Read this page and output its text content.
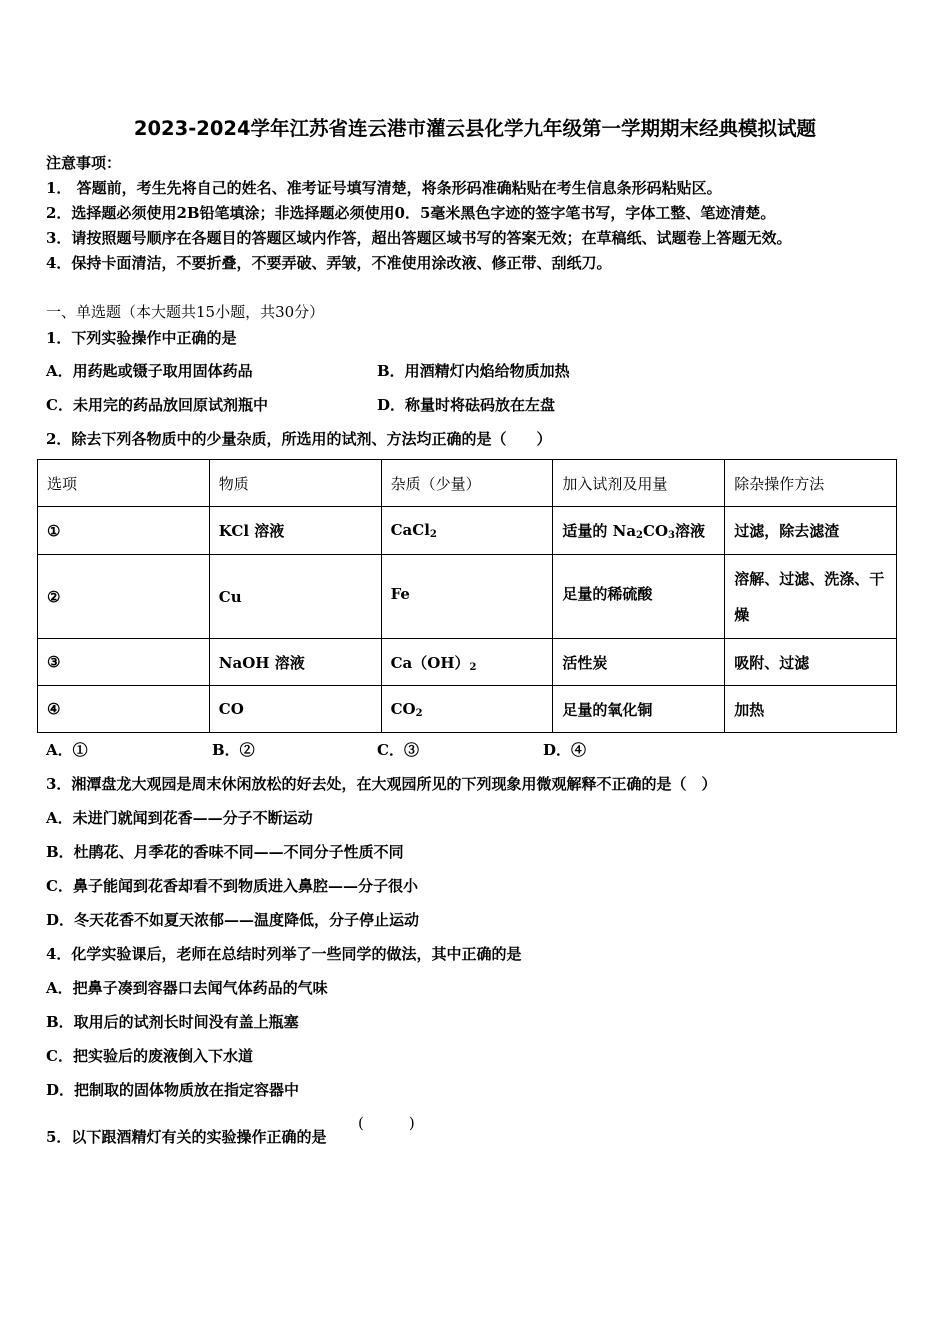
2023-2024学年江苏省连云港市灌云县化学九年级第一学期期末经典模拟试题
注意事项：
1． 答题前，考生先将自己的姓名、准考证号填写清楚，将条形码准确粘贴在考生信息条形码粘贴区。
2．选择题必须使用2B铅笔填涂；非选择题必须使用0．5毫米黑色字迹的签字笔书写，字体工整、笔迹清楚。
3．请按照题号顺序在各题目的答题区域内作答，超出答题区域书写的答案无效；在草稿纸、试题卷上答题无效。
4．保持卡面清洁，不要折叠，不要弄破、弄皱，不准使用涂改液、修正带、刮纸刀。
一、单选题（本大题共15小题，共30分）
1．下列实验操作中正确的是
A．用药匙或镊子取用固体药品	B．用酒精灯内焰给物质加热
C．未用完的药品放回原试剂瓶中	D．称量时将砝码放在左盘
2．除去下列各物质中的少量杂质，所选用的试剂、方法均正确的是（　　）
选项	物质	杂质（少量）	加入试剂及用量	除杂操作方法
①	KCl 溶液	CaCl$_2$	适量的 $Na_2CO_3$溶液	过滤，除去滤渣
②	Cu	Fe	足量的稀硫酸	溶解、过滤、洗涤、干燥
③	NaOH 溶液	$Ca(OH)_2$	活性炭	吸附、过滤
④	CO	$CO_2$	足量的氧化铜	加热
A．①	B．②	C．③	D．④
3．湘潭盘龙大观园是周末休闲放松的好去处，在大观园所见的下列现象用微观解释不正确的是（　）
A．未进门就闻到花香——分子不断运动
B．杜鹃花、月季花的香味不同——不同分子性质不同
C．鼻子能闻到花香却看不到物质进入鼻腔——分子很小
D．冬天花香不如夏天浓郁——温度降低，分子停止运动
4．化学实验课后，老师在总结时列举了一些同学的做法，其中正确的是
A．把鼻子凑到容器口去闻气体药品的气味
B．取用后的试剂长时间没有盖上瓶塞
C．把实验后的废液倒入下水道
D．把制取的固体物质放在指定容器中
5．以下跟酒精灯有关的实验操作正确的是
(　　　)
